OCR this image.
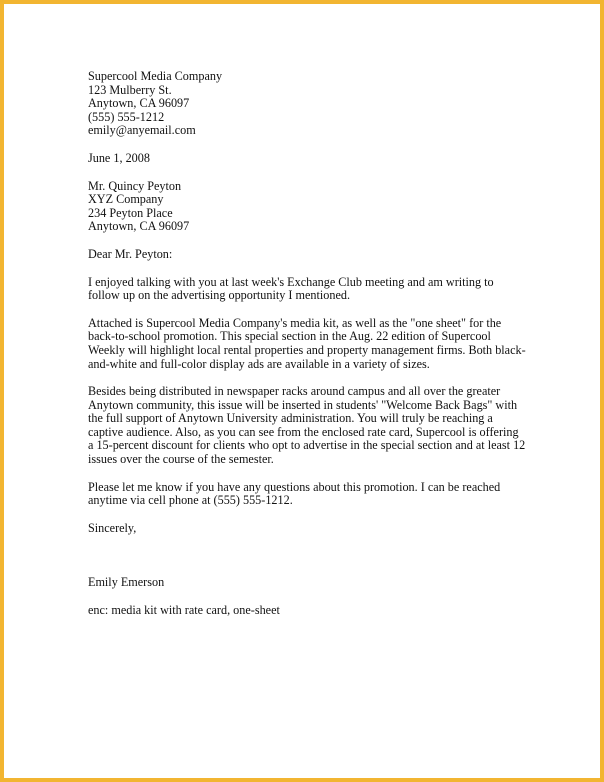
Supercool Media Company
123 Mulberry St.
Anytown, CA 96097
(555) 555-1212
emily@anyemail.com
June 1, 2008
Mr. Quincy Peyton
XYZ Company
234 Peyton Place
Anytown, CA 96097
Dear Mr. Peyton:
I enjoyed talking with you at last week's Exchange Club meeting and am writing to
follow up on the advertising opportunity I mentioned.
Attached is Supercool Media Company's media kit, as well as the "one sheet" for the
back-to-school promotion. This special section in the Aug. 22 edition of Supercool
Weekly will highlight local rental properties and property management firms. Both black-
and-white and full-color display ads are available in a variety of sizes.
Besides being distributed in newspaper racks around campus and all over the greater
Anytown community, this issue will be inserted in students' "Welcome Back Bags" with
the full support of Anytown University administration. You will truly be reaching a
captive audience. Also, as you can see from the enclosed rate card, Supercool is offering
a 15-percent discount for clients who opt to advertise in the special section and at least 12
issues over the course of the semester.
Please let me know if you have any questions about this promotion. I can be reached
anytime via cell phone at (555) 555-1212.
Sincerely,
Emily Emerson
enc: media kit with rate card, one-sheet
